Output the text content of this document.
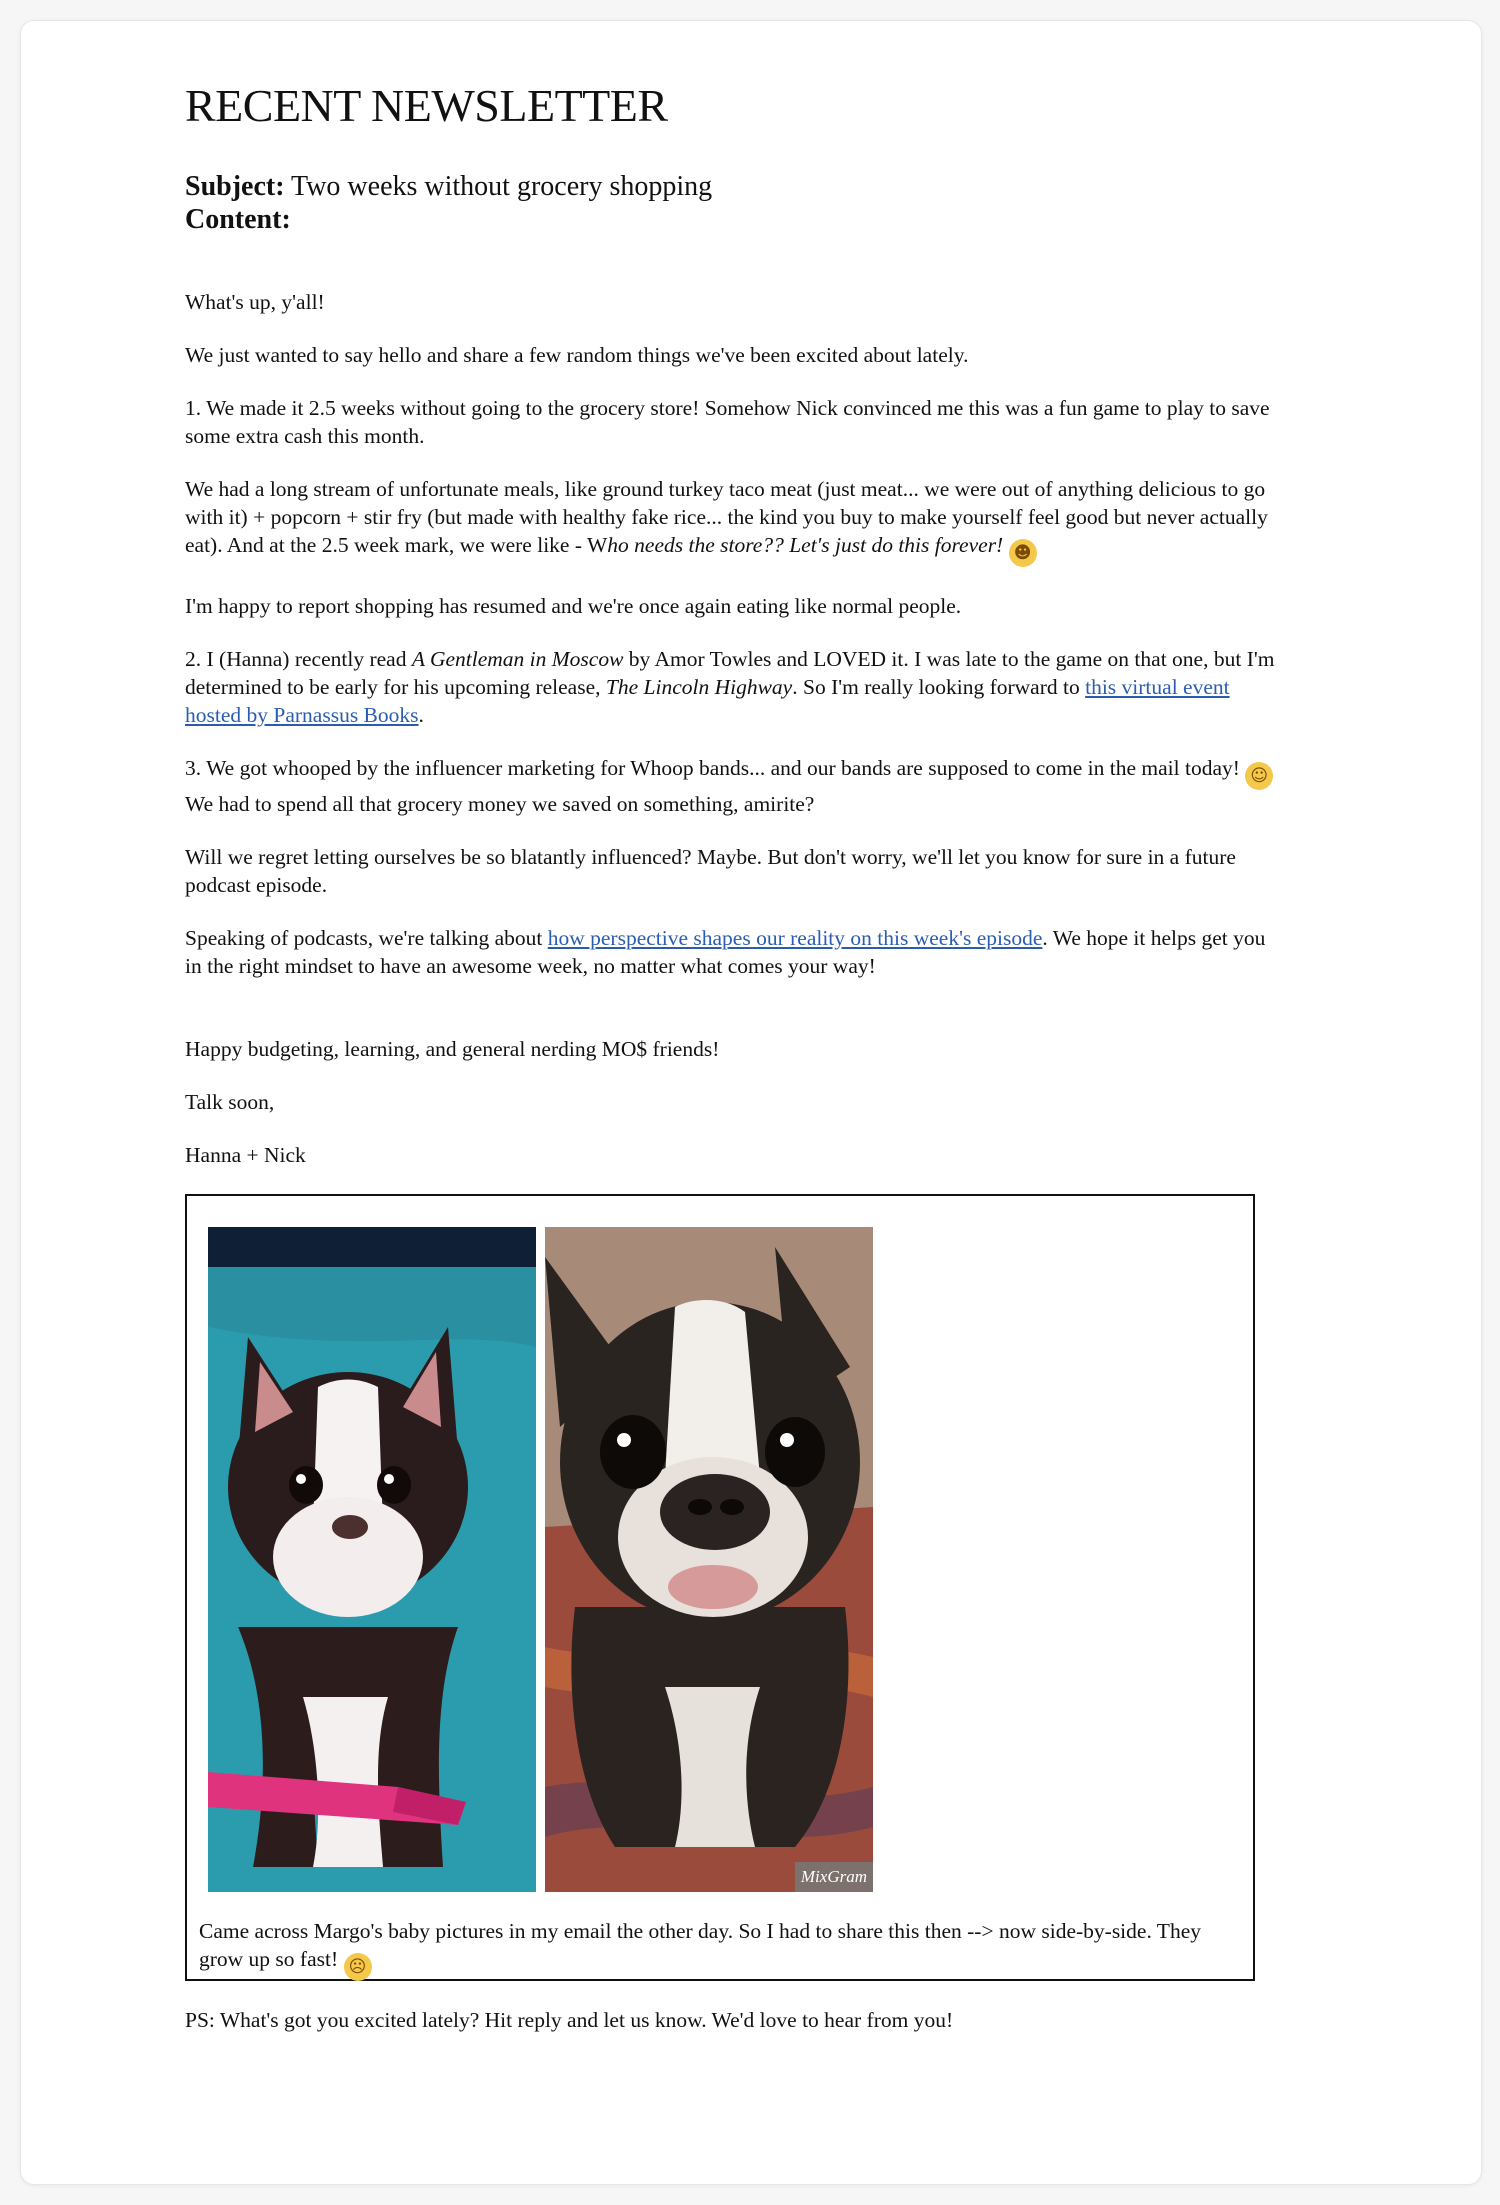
RECENT NEWSLETTER
Subject: Two weeks without grocery shopping
Content:

What's up, y'all!

We just wanted to say hello and share a few random things we've been excited about lately.

1. We made it 2.5 weeks without going to the grocery store! Somehow Nick convinced me this was a fun game to play to save some extra cash this month.

We had a long stream of unfortunate meals, like ground turkey taco meat (just meat... we were out of anything delicious to go with it) + popcorn + stir fry (but made with healthy fake rice... the kind you buy to make yourself feel good but never actually eat). And at the 2.5 week mark, we were like - Who needs the store?? Let's just do this forever! ☻

I'm happy to report shopping has resumed and we're once again eating like normal people.

2. I (Hanna) recently read A Gentleman in Moscow by Amor Towles and LOVED it. I was late to the game on that one, but I'm determined to be early for his upcoming release, The Lincoln Highway. So I'm really looking forward to this virtual event hosted by Parnassus Books.

3. We got whooped by the influencer marketing for Whoop bands... and our bands are supposed to come in the mail today! ☺ We had to spend all that grocery money we saved on something, amirite?

Will we regret letting ourselves be so blatantly influenced? Maybe. But don't worry, we'll let you know for sure in a future podcast episode.

Speaking of podcasts, we're talking about how perspective shapes our reality on this week's episode. We hope it helps get you in the right mindset to have an awesome week, no matter what comes your way!

Happy budgeting, learning, and general nerding MO$ friends!

Talk soon,

Hanna + Nick

MixGram
Came across Margo's baby pictures in my email the other day. So I had to share this then --> now side-by-side. They grow up so fast! ☹

PS: What's got you excited lately? Hit reply and let us know. We'd love to hear from you!
